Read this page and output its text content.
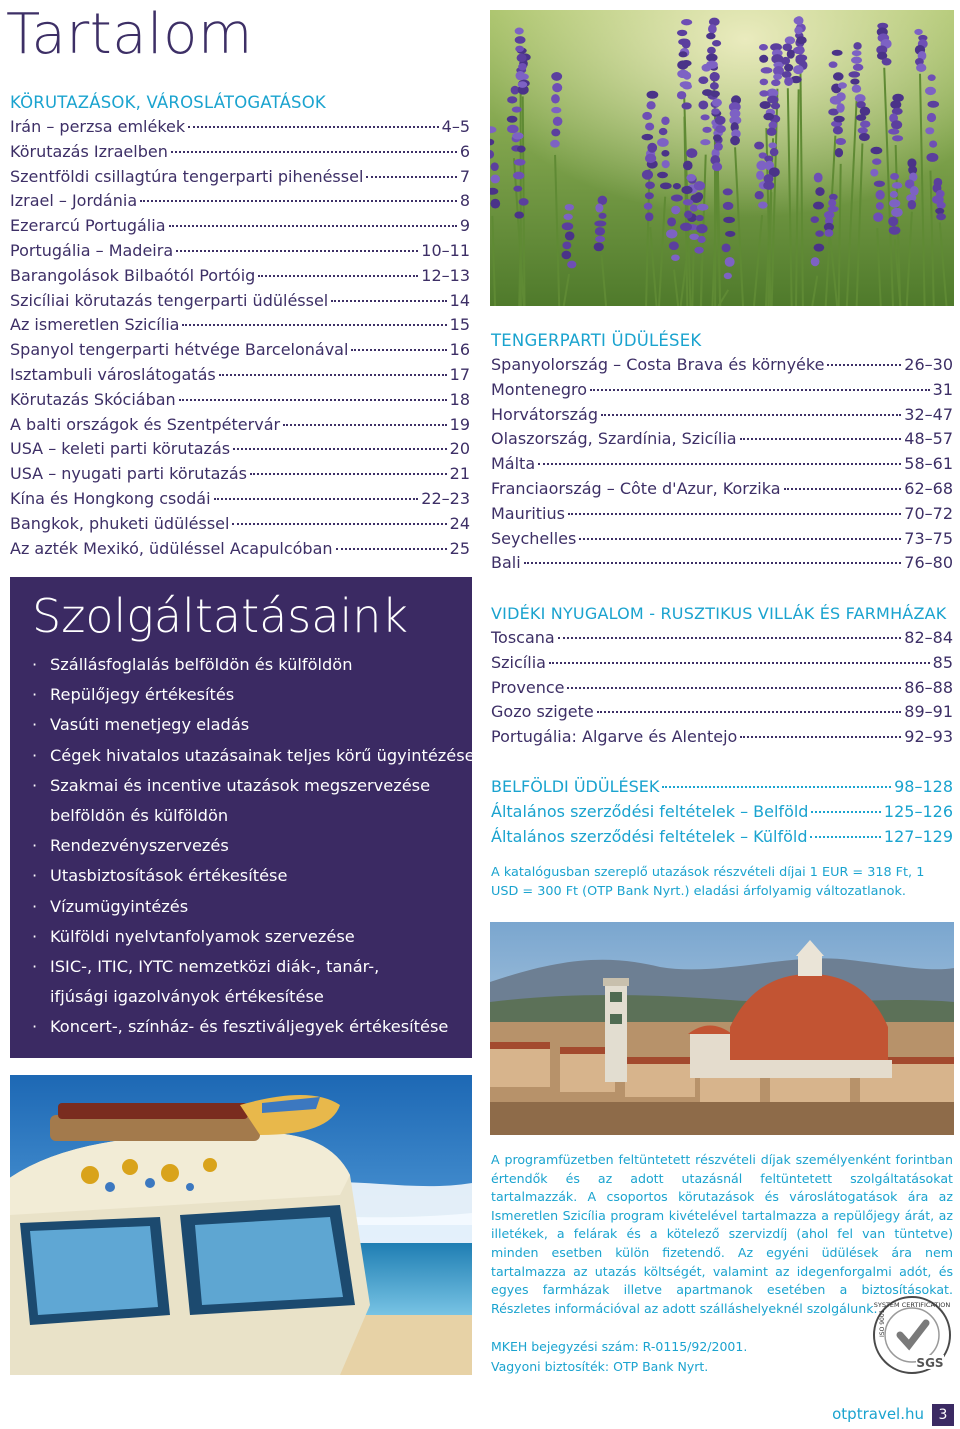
Tartalom
KÖRUTAZÁSOK, VÁROSLÁTOGATÁSOK
Irán – perzsa emlékek	4–5
Körutazás Izraelben	6
Szentföldi csillagtúra tengerparti pihenéssel	7
Izrael – Jordánia	8
Ezerarcú Portugália	9
Portugália – Madeira	10–11
Barangolások Bilbaótól Portóig	12–13
Szicíliai körutazás tengerparti üdüléssel	14
Az ismeretlen Szicília	15
Spanyol tengerparti hétvége Barcelonával	16
Isztambuli városlátogatás	17
Körutazás Skóciában	18
A balti országok és Szentpétervár	19
USA – keleti parti körutazás	20
USA – nyugati parti körutazás	21
Kína és Hongkong csodái	22–23
Bangkok, phuketi üdüléssel	24
Az azték Mexikó, üdüléssel Acapulcóban	25
Szolgáltatásaink
· Szállásfoglalás belföldön és külföldön
· Repülőjegy értékesítés
· Vasúti menetjegy eladás
· Cégek hivatalos utazásainak teljes körű ügyintézése
· Szakmai és incentive utazások megszervezése
belföldön és külföldön
· Rendezvényszervezés
· Utasbiztosítások értékesítése
· Vízumügyintézés
· Külföldi nyelvtanfolyamok szervezése
· ISIC-, ITIC, IYTC nemzetközi diák-, tanár-,
ifjúsági igazolványok értékesítése
· Koncert-, színház- és fesztiváljegyek értékesítése
TENGERPARTI ÜDÜLÉSEK
Spanyolország – Costa Brava és környéke	26–30
Montenegro	31
Horvátország	32–47
Olaszország, Szardínia, Szicília	48–57
Málta	58–61
Franciaország – Côte d'Azur, Korzika	62–68
Mauritius	70–72
Seychelles	73–75
Bali	76–80
VIDÉKI NYUGALOM - RUSZTIKUS VILLÁK ÉS FARMHÁZAK
Toscana	82–84
Szicília	85
Provence	86–88
Gozo szigete	89–91
Portugália: Algarve és Alentejo	92–93
BELFÖLDI ÜDÜLÉSEK	98–128
Általános szerződési feltételek – Belföld	125–126
Általános szerződési feltételek – Külföld	127–129
A katalógusban szereplő utazások részvételi díjai 1 EUR = 318 Ft, 1 USD = 300 Ft (OTP Bank Nyrt.) eladási árfolyamig változatlanok.
A programfüzetben feltüntetett részvételi díjak személyenként forintban értendők és az adott utazásnál feltüntetett szolgáltatásokat tartalmazzák. A csoportos körutazások és városlátogatások ára az Ismeretlen Szicília program kivételével tartalmazza a repülőjegy árát, az illetékek, a felárak és a kötelező szervizdíj (ahol fel van tüntetve) minden esetben külön fizetendő. Az egyéni üdülések ára nem tartalmazza az utazás költségét, valamint az idegenforgalmi adót, és egyes farmházak illetve apartmanok esetében a biztosításokat. Részletes információval az adott szálláshelyeknél szolgálunk.
MKEH bejegyzési szám: R-0115/92/2001.
Vagyoni biztosíték: OTP Bank Nyrt.
SYSTEM CERTIFICATION
ISO 9001
SGS
otptravel.hu	3
